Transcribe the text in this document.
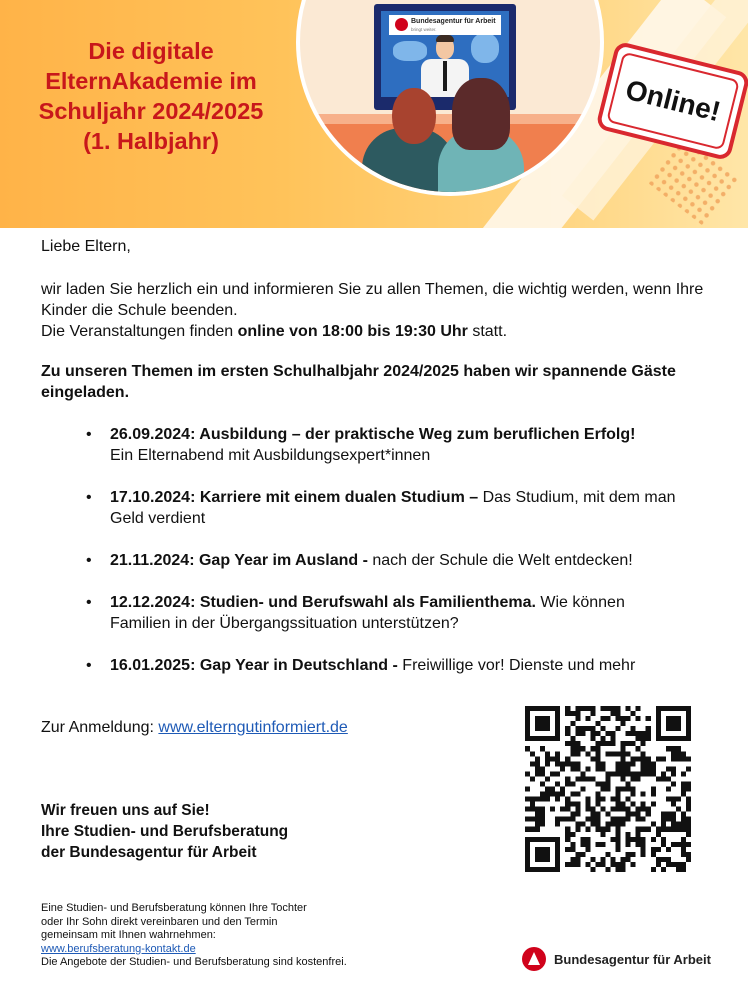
Bundesagentur für Arbeit
bringt weiter.
Die digitale
ElternAkademie im
Schuljahr 2024/2025
(1. Halbjahr)
Online!
Liebe Eltern,
wir laden Sie herzlich ein und informieren Sie zu allen Themen, die wichtig werden, wenn Ihre Kinder die Schule beenden.
Die Veranstaltungen finden online von 18:00 bis 19:30 Uhr statt.
Zu unseren Themen im ersten Schulhalbjahr 2024/2025 haben wir spannende Gäste eingeladen.
• 26.09.2024: Ausbildung – der praktische Weg zum beruflichen Erfolg!
Ein Elternabend mit Ausbildungsexpert*innen
• 17.10.2024: Karriere mit einem dualen Studium – Das Studium, mit dem man Geld verdient
• 21.11.2024: Gap Year im Ausland - nach der Schule die Welt entdecken!
• 12.12.2024: Studien- und Berufswahl als Familienthema. Wie können Familien in der Übergangssituation unterstützen?
• 16.01.2025: Gap Year in Deutschland - Freiwillige vor! Dienste und mehr
Zur Anmeldung: www.elterngutinformiert.de
Wir freuen uns auf Sie!
Ihre Studien- und Berufsberatung
der Bundesagentur für Arbeit
Eine Studien- und Berufsberatung können Ihre Tochter
oder Ihr Sohn direkt vereinbaren und den Termin
gemeinsam mit Ihnen wahrnehmen:
www.berufsberatung-kontakt.de
Die Angebote der Studien- und Berufsberatung sind kostenfrei.	Bundesagentur für Arbeit
